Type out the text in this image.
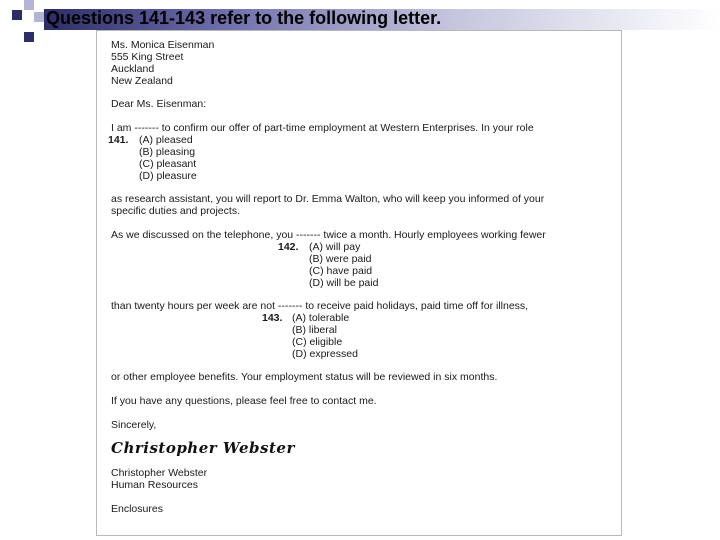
Questions 141-143 refer to the following letter.
Ms. Monica Eisenman
555 King Street
Auckland
New Zealand
Dear Ms. Eisenman:
I am ------- to confirm our offer of part-time employment at Western Enterprises. In your role
141. (A) pleased
(B) pleasing
(C) pleasant
(D) pleasure
as research assistant, you will report to Dr. Emma Walton, who will keep you informed of your
specific duties and projects.
As we discussed on the telephone, you ------- twice a month. Hourly employees working fewer
142. (A) will pay
(B) were paid
(C) have paid
(D) will be paid
than twenty hours per week are not ------- to receive paid holidays, paid time off for illness,
143. (A) tolerable
(B) liberal
(C) eligible
(D) expressed
or other employee benefits. Your employment status will be reviewed in six months.
If you have any questions, please feel free to contact me.
Sincerely,
Christopher Webster
Christopher Webster
Human Resources
Enclosures
